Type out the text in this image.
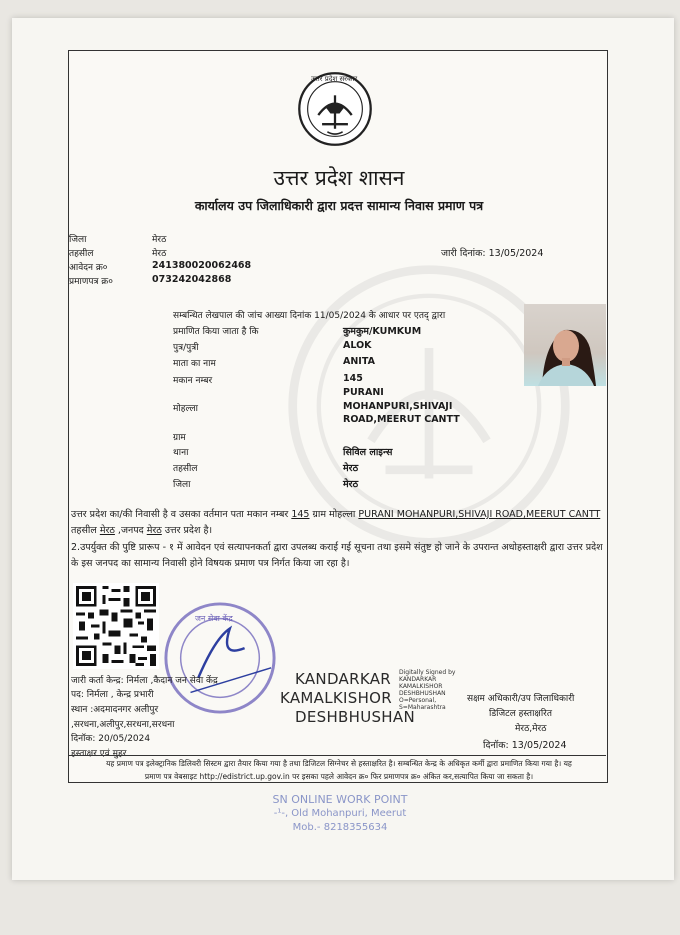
उत्तर प्रदेश सरकार
उत्तर प्रदेश शासन
कार्यालय उप जिलाधिकारी द्वारा प्रदत्त सामान्य निवास प्रमाण पत्र
जिला	मेरठ
तहसील	मेरठ
आवेदन क्र०	241380020062468
प्रमाणपत्र क्र०	073242042868
जारी दिनांक: 13/05/2024
सम्बन्धित लेखपाल की जांच आख्या दिनांक 11/05/2024 के आधार पर एतद् द्वारा
प्रमाणित किया जाता है कि	कुमकुम/KUMKUM
पुत्र/पुत्री	ALOK
माता का नाम	ANITA
मकान नम्बर	145
PURANI
मोहल्ला	MOHANPURI,SHIVAJI
ROAD,MEERUT CANTT
ग्राम
थाना	सिविल लाइन्स
तहसील	मेरठ
जिला	मेरठ
उत्तर प्रदेश का/की निवासी है व उसका वर्तमान पता मकान नम्बर 145 ग्राम मोहल्ला PURANI MOHANPURI,SHIVAJI ROAD,MEERUT CANTT तहसील मेरठ ,जनपद मेरठ उत्तर प्रदेश है।
2.उपर्युक्त की पुष्टि प्रारूप - १ में आवेदन एवं सत्यापनकर्ता द्वारा उपलब्ध कराई गई सूचना तथा इसमे संतुष्ट हो जाने के उपरान्त अधोहस्ताक्षरी द्वारा उत्तर प्रदेश के इस जनपद का सामान्य निवासी होने विषयक प्रमाण पत्र निर्गत किया जा रहा है।
जन सेवा केंद्र
जारी कर्ता केन्द्र: निर्मला ,कैदान जन सेवा केंद्र
पद: निर्मला , केन्द्र प्रभारी
स्थान :अदमादनगर अलीपुर
,सरधना,अलीपुर,सरधना,सरधना
दिनॉक: 20/05/2024
हस्ताक्षर एवं मुहर
KANDARKAR
KAMALKISHOR
DESHBHUSHAN
Digitally Signed by
KANDARKAR
KAMALKISHOR
DESHBHUSHAN
O=Personal,
S=Maharashtra
सक्षम अधिकारी/उप जिलाधिकारी
डिजिटल हस्ताक्षरित
मेरठ,मेरठ
दिनॉक: 13/05/2024
यह प्रमाण पत्र इलेक्ट्रानिक डिलिवरी सिस्टम द्वारा तैयार किया गया है तथा डिजिटल सिग्नेचर से हस्ताक्षरित है। सम्बन्धित केन्द्र के अधिकृत कर्मी द्वारा प्रमाणित किया गया है। यह
प्रमाण पत्र वेबसाइट http://edistrict.up.gov.in पर इसका पहले आवेदन क्र० फिर प्रमाणपत्र क्र० अंकित कर,सत्यापित किया जा सकता है।
SN ONLINE WORK POINT
-¹-, Old Mohanpuri, Meerut
Mob.- 8218355634
